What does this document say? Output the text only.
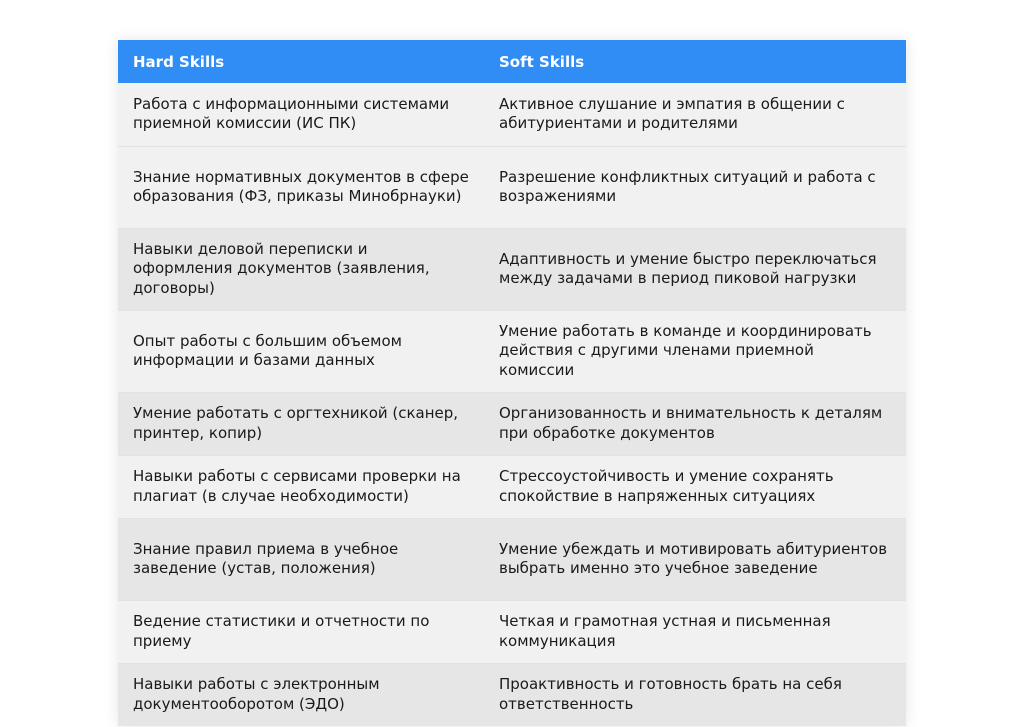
Hard Skills	Soft Skills
Работа с информационными системами приемной комиссии (ИС ПК)	Активное слушание и эмпатия в общении с абитуриентами и родителями
Знание нормативных документов в сфере образования (ФЗ, приказы Минобрнауки)	Разрешение конфликтных ситуаций и работа с возражениями
Навыки деловой переписки и оформления документов (заявления, договоры)	Адаптивность и умение быстро переключаться между задачами в период пиковой нагрузки
Опыт работы с большим объемом информации и базами данных	Умение работать в команде и координировать действия с другими членами приемной комиссии
Умение работать с оргтехникой (сканер, принтер, копир)	Организованность и внимательность к деталям при обработке документов
Навыки работы с сервисами проверки на плагиат (в случае необходимости)	Стрессоустойчивость и умение сохранять спокойствие в напряженных ситуациях
Знание правил приема в учебное заведение (устав, положения)	Умение убеждать и мотивировать абитуриентов выбрать именно это учебное заведение
Ведение статистики и отчетности по приему	Четкая и грамотная устная и письменная коммуникация
Навыки работы с электронным документооборотом (ЭДО)	Проактивность и готовность брать на себя ответственность
